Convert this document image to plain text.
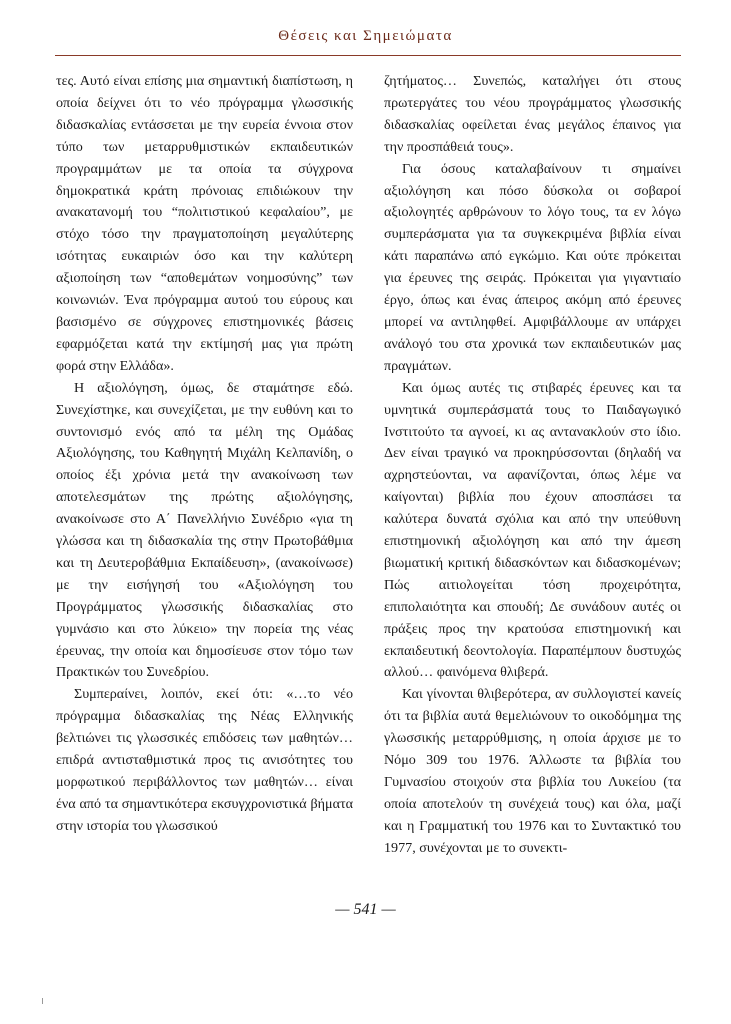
Θέσεις και Σημειώματα

τες. Αυτό είναι επίσης μια σημαντική διαπίστωση, η οποία δείχνει ότι το νέο πρόγραμμα γλωσσικής διδασκαλίας εντάσσεται με την ευρεία έννοια στον τύπο των μεταρρυθμιστικών εκπαιδευτικών προγραμμάτων με τα οποία τα σύγχρονα δημοκρατικά κράτη πρόνοιας επιδιώκουν την ανακατανομή του “πολιτιστικού κεφαλαίου”, με στόχο τόσο την πραγματοποίηση μεγαλύτερης ισότητας ευκαιριών όσο και την καλύτερη αξιοποίηση των “αποθεμάτων νοημοσύνης” των κοινωνιών. Ένα πρόγραμμα αυτού του εύρους και βασισμένο σε σύγχρονες επιστημονικές βάσεις εφαρμόζεται κατά την εκτίμησή μας για πρώτη φορά στην Ελλάδα».

Η αξιολόγηση, όμως, δε σταμάτησε εδώ. Συνεχίστηκε, και συνεχίζεται, με την ευθύνη και το συντονισμό ενός από τα μέλη της Ομάδας Αξιολόγησης, του Καθηγητή Μιχάλη Κελπανίδη, ο οποίος έξι χρόνια μετά την ανακοίνωση των αποτελεσμάτων της πρώτης αξιολόγησης, ανακοίνωσε στο Α΄ Πανελλήνιο Συνέδριο «για τη γλώσσα και τη διδασκαλία της στην Πρωτοβάθμια και τη Δευτεροβάθμια Εκπαίδευση», (ανακοίνωσε) με την εισήγησή του «Αξιολόγηση του Προγράμματος γλωσσικής διδασκαλίας στο γυμνάσιο και στο λύκειο» την πορεία της νέας έρευνας, την οποία και δημοσίευσε στον τόμο των Πρακτικών του Συνεδρίου.

Συμπεραίνει, λοιπόν, εκεί ότι: «…το νέο πρόγραμμα διδασκαλίας της Νέας Ελληνικής βελτιώνει τις γλωσσικές επιδόσεις των μαθητών… επιδρά αντισταθμιστικά προς τις ανισότητες του μορφωτικού περιβάλλοντος των μαθητών… είναι ένα από τα σημαντικότερα εκσυγχρονιστικά βήματα στην ιστορία του γλωσσικού

ζητήματος… Συνεπώς, καταλήγει ότι στους πρωτεργάτες του νέου προγράμματος γλωσσικής διδασκαλίας οφείλεται ένας μεγάλος έπαινος για την προσπάθειά τους».

Για όσους καταλαβαίνουν τι σημαίνει αξιολόγηση και πόσο δύσκολα οι σοβαροί αξιολογητές αρθρώνουν το λόγο τους, τα εν λόγω συμπεράσματα για τα συγκεκριμένα βιβλία είναι κάτι παραπάνω από εγκώμιο. Και ούτε πρόκειται για έρευνες της σειράς. Πρόκειται για γιγαντιαίο έργο, όπως και ένας άπειρος ακόμη από έρευνες μπορεί να αντιληφθεί. Αμφιβάλλουμε αν υπάρχει ανάλογό του στα χρονικά των εκπαιδευτικών μας πραγμάτων.

Και όμως αυτές τις στιβαρές έρευνες και τα υμνητικά συμπεράσματά τους το Παιδαγωγικό Ινστιτούτο τα αγνοεί, κι ας αντανακλούν στο ίδιο. Δεν είναι τραγικό να προκηρύσσονται (δηλαδή να αχρηστεύονται, να αφανίζονται, όπως λέμε να καίγονται) βιβλία που έχουν αποσπάσει τα καλύτερα δυνατά σχόλια και από την υπεύθυνη επιστημονική αξιολόγηση και από την άμεση βιωματική κριτική διδασκόντων και διδασκομένων; Πώς αιτιολογείται τόση προχειρότητα, επιπολαιότητα και σπουδή; Δε συνάδουν αυτές οι πράξεις προς την κρατούσα επιστημονική και εκπαιδευτική δεοντολογία. Παραπέμπουν δυστυχώς αλλού… φαινόμενα θλιβερά.

Και γίνονται θλιβερότερα, αν συλλογιστεί κανείς ότι τα βιβλία αυτά θεμελιώνουν το οικοδόμημα της γλωσσικής μεταρρύθμισης, η οποία άρχισε με το Νόμο 309 του 1976. Άλλωστε τα βιβλία του Γυμνασίου στοιχούν στα βιβλία του Λυκείου (τα οποία αποτελούν τη συνέχειά τους) και όλα, μαζί και η Γραμματική του 1976 και το Συντακτικό του 1977, συνέχονται με το συνεκτι-

— 541 —
